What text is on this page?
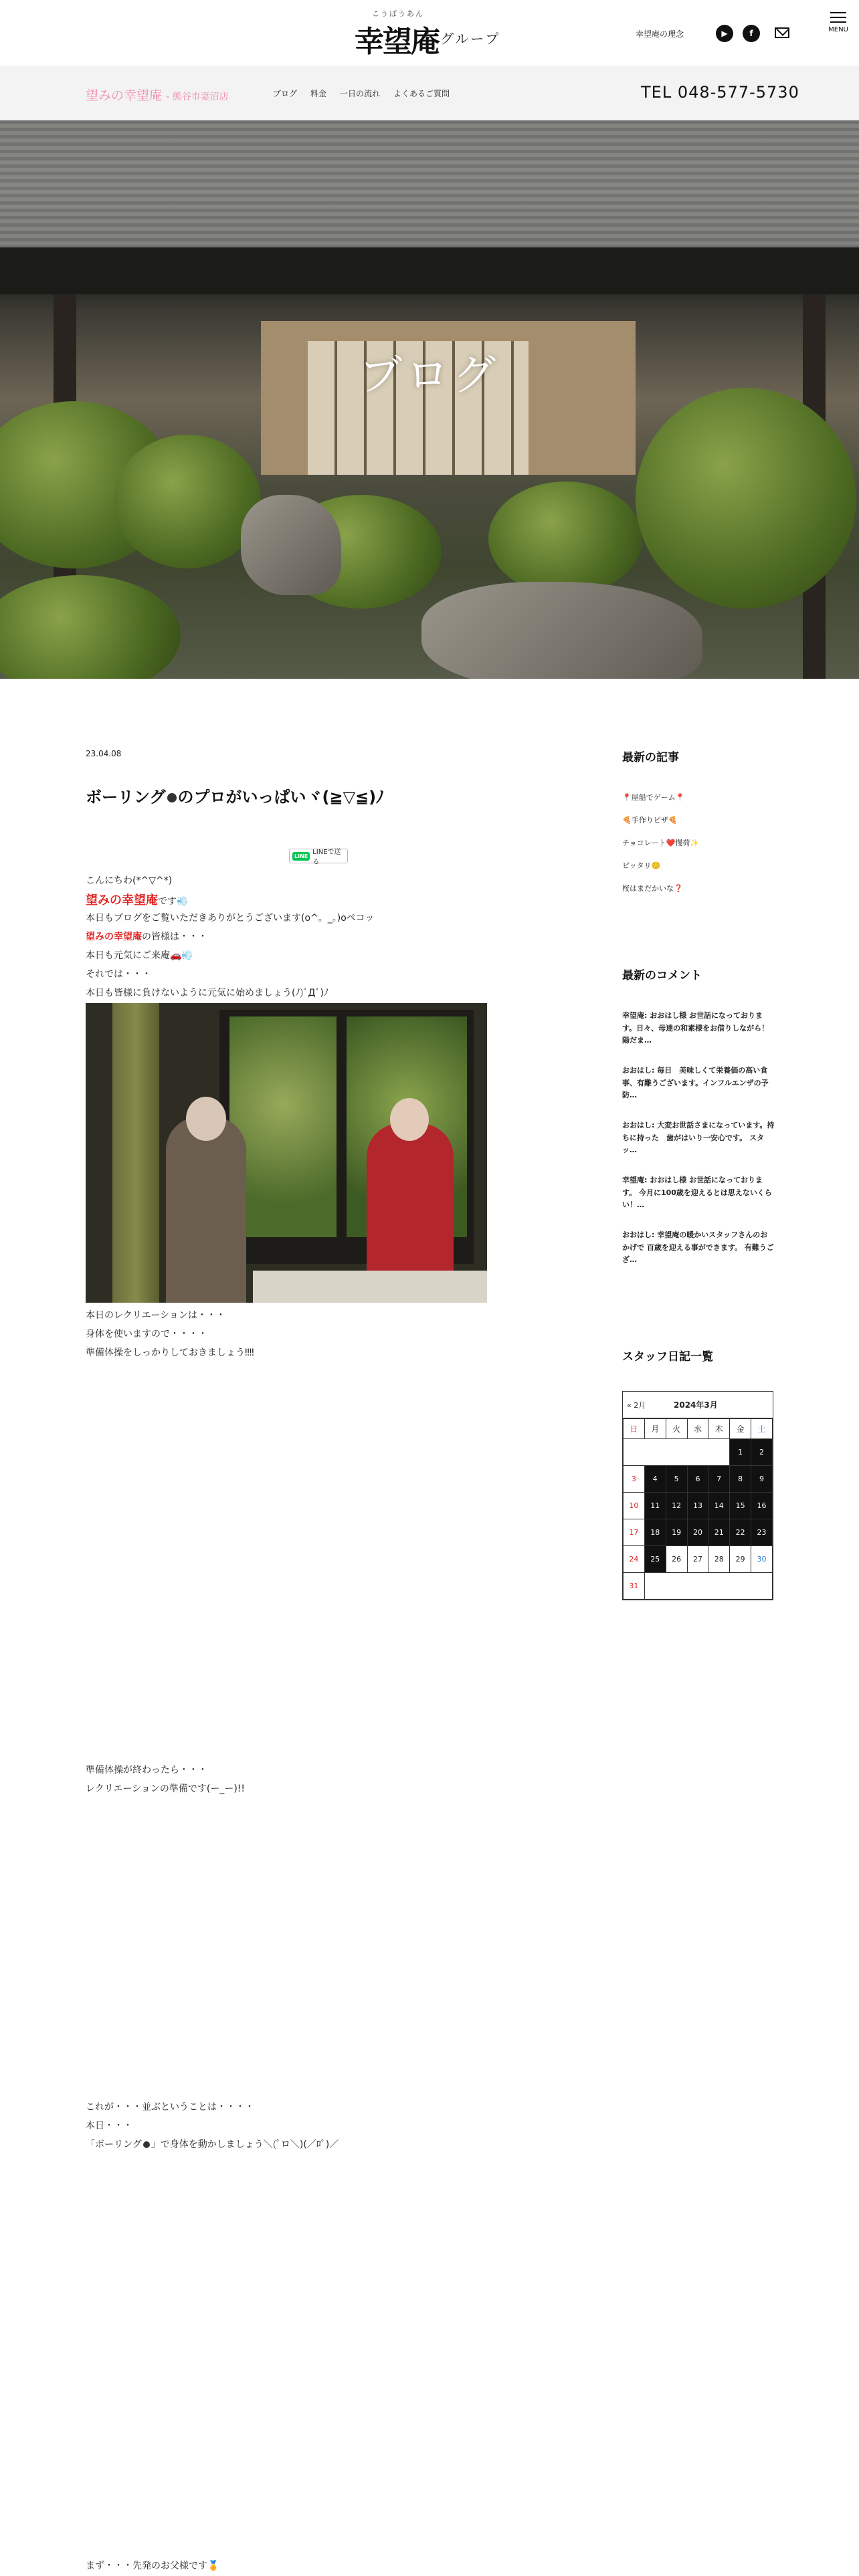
こうぼうあん
幸望庵 グループ	幸望庵の理念	▶	f	MENU
望みの幸望庵 - 熊谷市妻沼店	ブログ 料金 一日の流れ よくあるご質問	TEL 048-577-5730
ブログ
23.04.08
ボーリング のプロがいっぱいヾ(≧▽≦)ﾉ
LINE LINEで送る
こんにちわ(*^▽^*)
望みの幸望庵です💨
本日もブログをご覧いただきありがとうございます(o^。_。)oペコッ
望みの幸望庵の皆様は・・・
本日も元気にご来庵🚗💨
それでは・・・
本日も皆様に負けないように元気に始めましょう(ﾉ)ﾟДﾟ)ﾉ
本日のレクリエーションは・・・
身体を使いますので・・・・
準備体操をしっかりしておきましょう‼‼
準備体操が終わったら・・・
レクリエーションの準備です(ー_ー)!!
これが・・・並ぶということは・・・・
本日・・・
「ボーリング 」で身体を動かしましょう＼(ﾟロ＼)(／ﾛﾟ)／
まず・・・先発のお父様です🏅
最新の記事
📍屋船でゲーム📍
🍕手作りピザ🍕
チョコレート❤️慢荷✨
ピッタリ☺️
桜はまだかいな❓
最新のコメント
幸望庵: おおはし様 お世話になっております。日々、母達の和素様をお借りしながら！陽だま…
おおはし: 毎日　美味しくて栄養価の高い食事、有難うございます。インフルエンザの予防…
おおはし: 大変お世話さまになっています。持ちに持った　歯がはいり一安心です。 スタッ…
幸望庵: おおはし様 お世話になっております。 今月に100歳を迎えるとは思えないくらい！…
おおはし: 幸望庵の暖かいスタッフさんのおかげで 百歳を迎える事ができます。 有難うござ…
スタッフ日記一覧
« 2月	2024年3月
日	月	火	水	木	金	土
					1	2
3	4	5	6	7	8	9
10	11	12	13	14	15	16
17	18	19	20	21	22	23
24	25	26	27	28	29	30
31						
